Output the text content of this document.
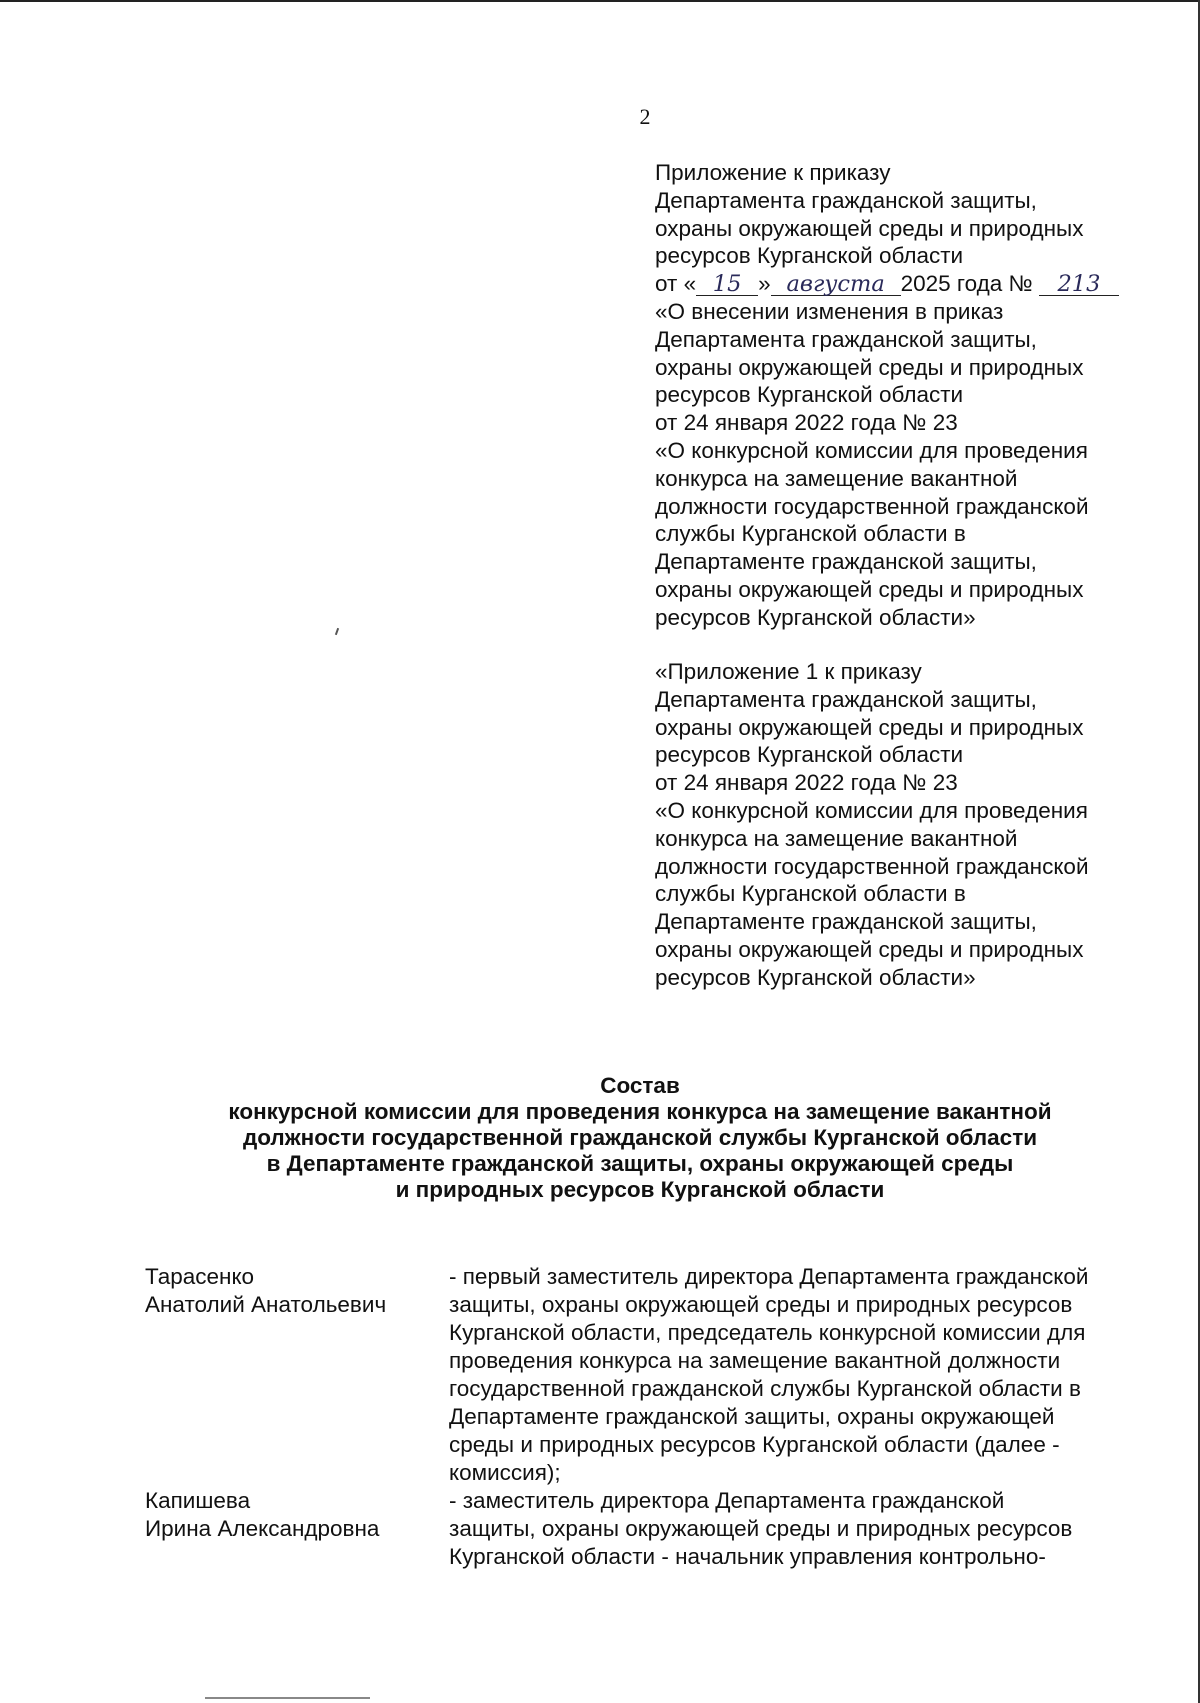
2
Приложение к приказу
Департамента гражданской защиты,
охраны окружающей среды и природных
ресурсов Курганской области
от « 15 » августа 2025 года № 213
«О внесении изменения в приказ
Департамента гражданской защиты,
охраны окружающей среды и природных
ресурсов Курганской области
от 24 января 2022 года № 23
«О конкурсной комиссии для проведения
конкурса на замещение вакантной
должности государственной гражданской
службы Курганской области в
Департаменте гражданской защиты,
охраны окружающей среды и природных
ресурсов Курганской области»
«Приложение 1 к приказу
Департамента гражданской защиты,
охраны окружающей среды и природных
ресурсов Курганской области
от 24 января 2022 года № 23
«О конкурсной комиссии для проведения
конкурса на замещение вакантной
должности государственной гражданской
службы Курганской области в
Департаменте гражданской защиты,
охраны окружающей среды и природных
ресурсов Курганской области»
Состав
конкурсной комиссии для проведения конкурса на замещение вакантной
должности государственной гражданской службы Курганской области
в Департаменте гражданской защиты, охраны окружающей среды
и природных ресурсов Курганской области
Тарасенко
Анатолий Анатольевич
- первый заместитель директора Департамента гражданской
защиты, охраны окружающей среды и природных ресурсов
Курганской области, председатель конкурсной комиссии для
проведения конкурса на замещение вакантной должности
государственной гражданской службы Курганской области в
Департаменте гражданской защиты, охраны окружающей
среды и природных ресурсов Курганской области (далее -
комиссия);
Капишева
Ирина Александровна
- заместитель директора Департамента гражданской
защиты, охраны окружающей среды и природных ресурсов
Курганской области - начальник управления контрольно-
